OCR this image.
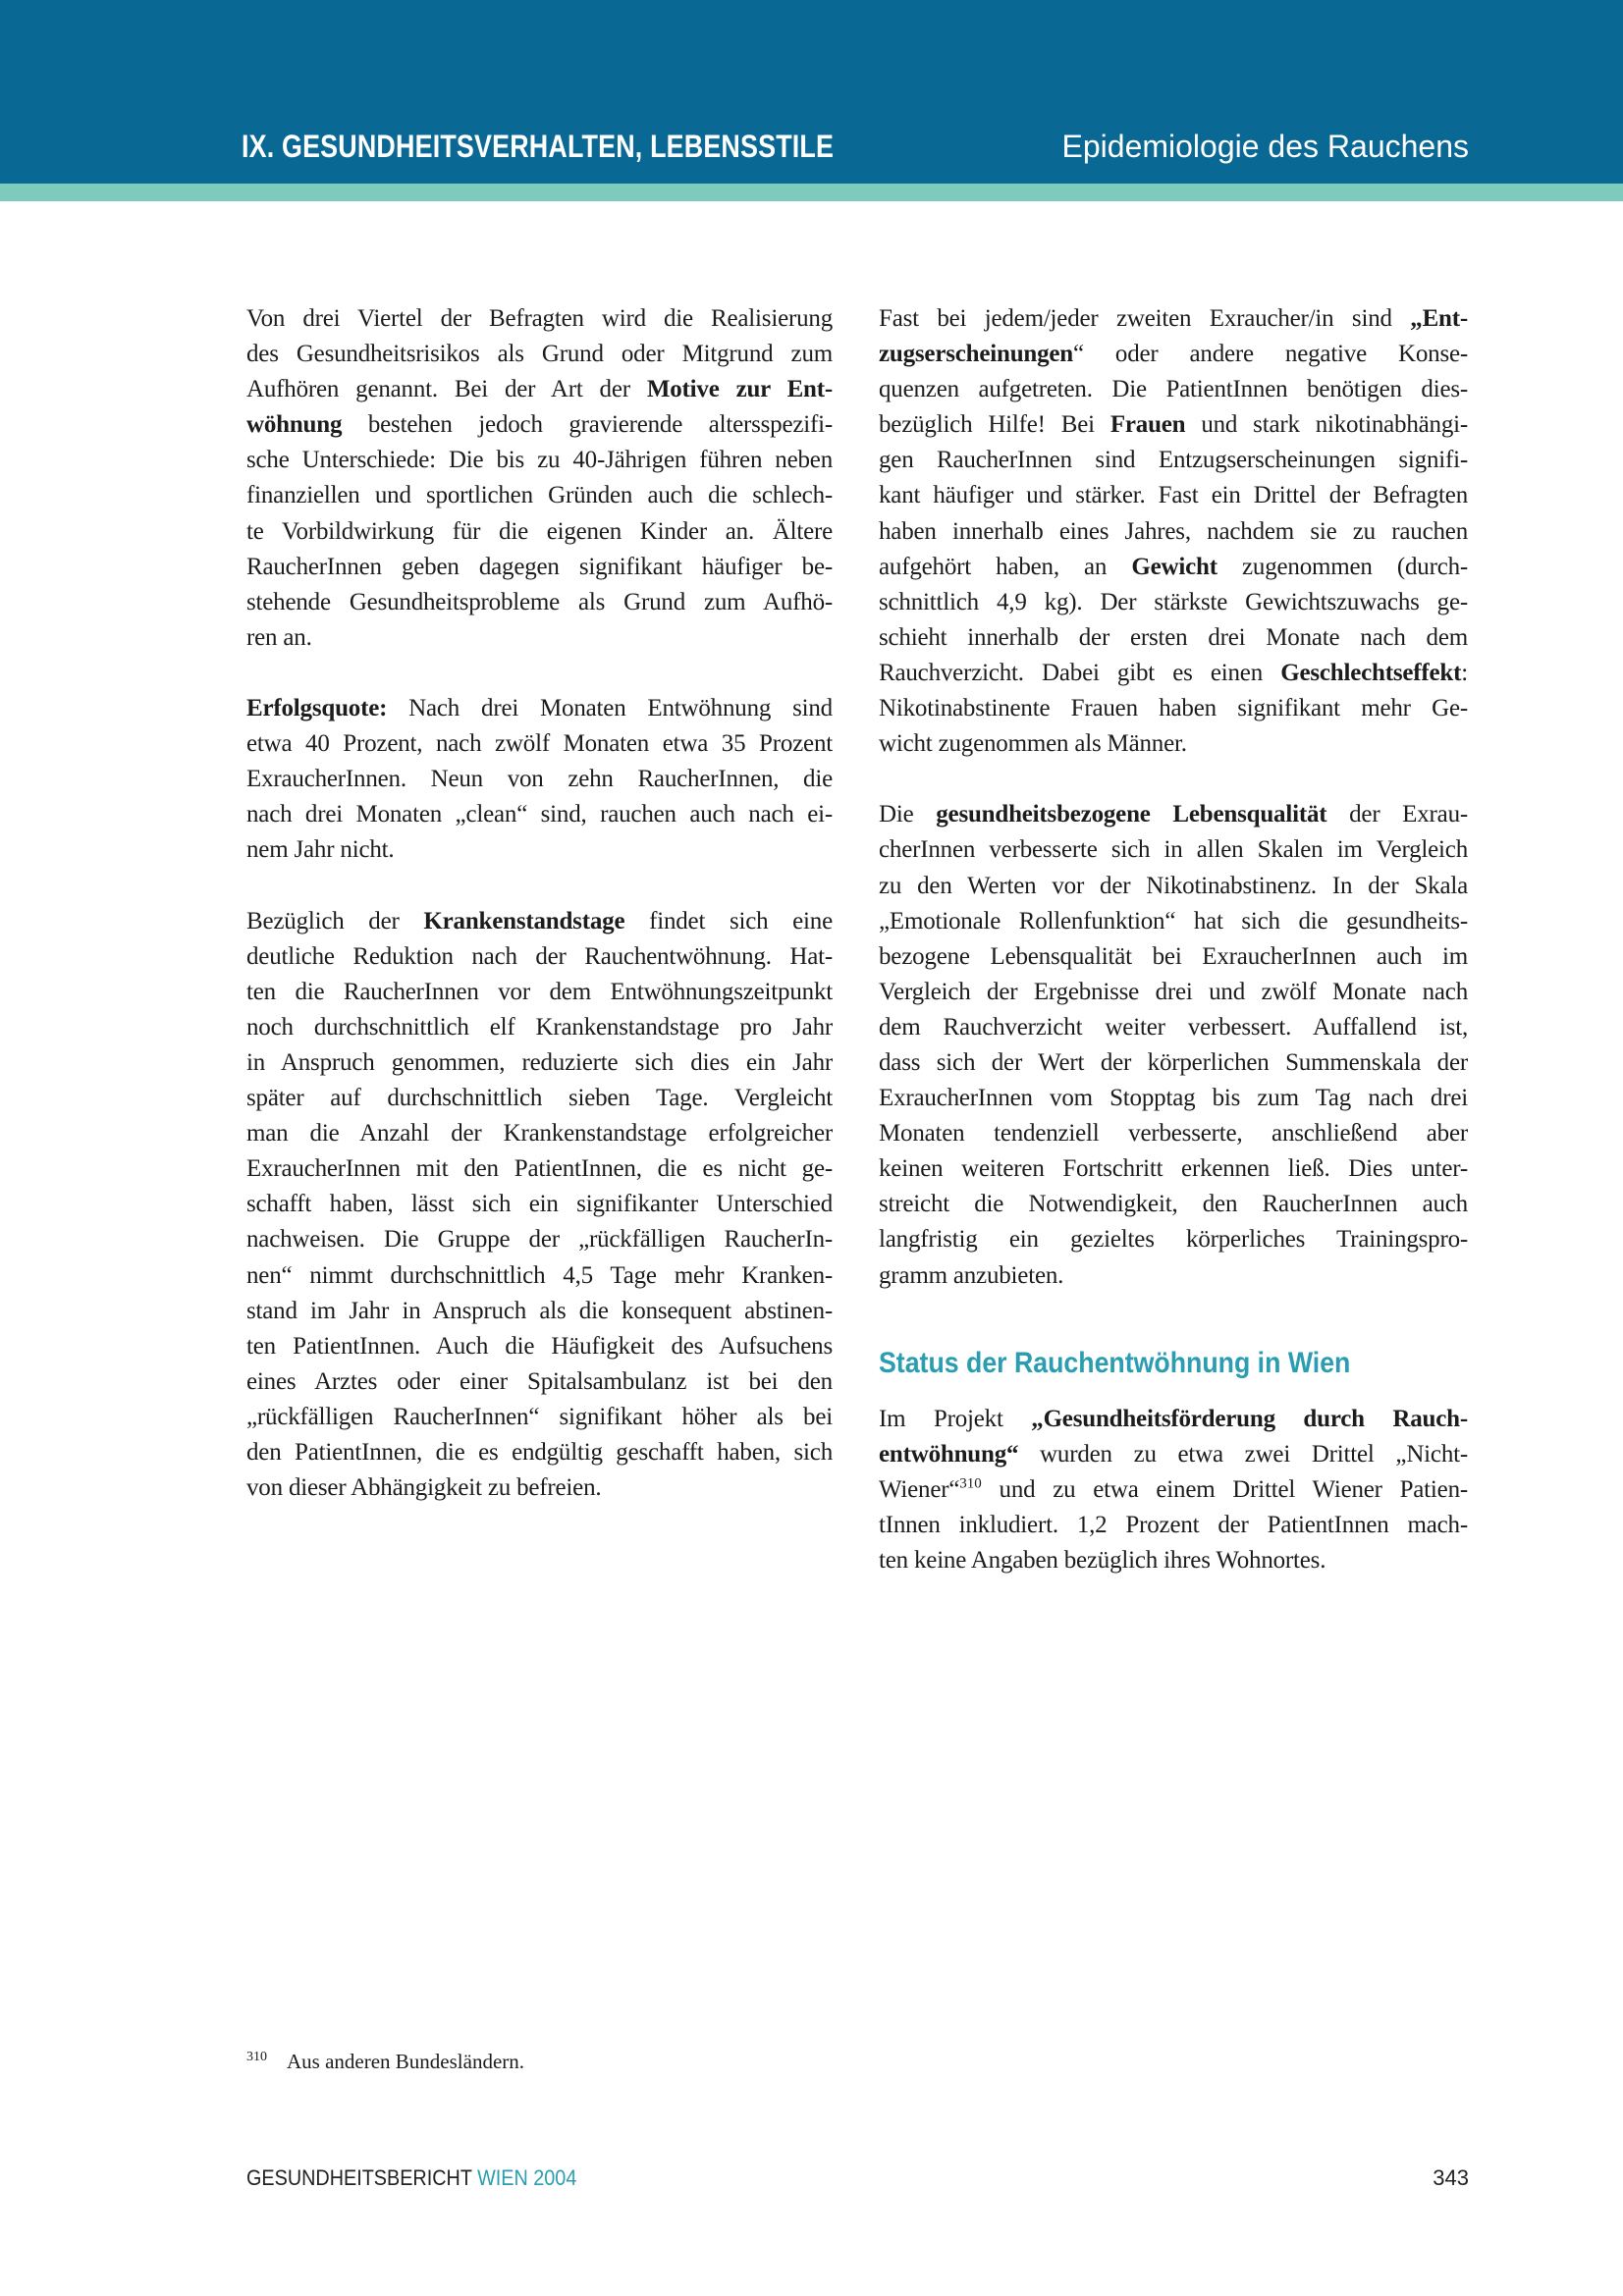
IX. GESUNDHEITSVERHALTEN, LEBENSSTILE	Epidemiologie des Rauchens
Von drei Viertel der Befragten wird die Realisierung
des Gesundheitsrisikos als Grund oder Mitgrund zum
Aufhören genannt. Bei der Art der Motive zur Ent-
wöhnung bestehen jedoch gravierende altersspezifi-
sche Unterschiede: Die bis zu 40-Jährigen führen neben
finanziellen und sportlichen Gründen auch die schlech-
te Vorbildwirkung für die eigenen Kinder an. Ältere
RaucherInnen geben dagegen signifikant häufiger be-
stehende Gesundheitsprobleme als Grund zum Aufhö-
ren an.
Erfolgsquote: Nach drei Monaten Entwöhnung sind
etwa 40 Prozent, nach zwölf Monaten etwa 35 Prozent
ExraucherInnen. Neun von zehn RaucherInnen, die
nach drei Monaten „clean“ sind, rauchen auch nach ei-
nem Jahr nicht.
Bezüglich der Krankenstandstage findet sich eine
deutliche Reduktion nach der Rauchentwöhnung. Hat-
ten die RaucherInnen vor dem Entwöhnungszeitpunkt
noch durchschnittlich elf Krankenstandstage pro Jahr
in Anspruch genommen, reduzierte sich dies ein Jahr
später auf durchschnittlich sieben Tage. Vergleicht
man die Anzahl der Krankenstandstage erfolgreicher
ExraucherInnen mit den PatientInnen, die es nicht ge-
schafft haben, lässt sich ein signifikanter Unterschied
nachweisen. Die Gruppe der „rückfälligen RaucherIn-
nen“ nimmt durchschnittlich 4,5 Tage mehr Kranken-
stand im Jahr in Anspruch als die konsequent abstinen-
ten PatientInnen. Auch die Häufigkeit des Aufsuchens
eines Arztes oder einer Spitalsambulanz ist bei den
„rückfälligen RaucherInnen“ signifikant höher als bei
den PatientInnen, die es endgültig geschafft haben, sich
von dieser Abhängigkeit zu befreien.
Fast bei jedem/jeder zweiten Exraucher/in sind „Ent-
zugserscheinungen“ oder andere negative Konse-
quenzen aufgetreten. Die PatientInnen benötigen dies-
bezüglich Hilfe! Bei Frauen und stark nikotinabhängi-
gen RaucherInnen sind Entzugserscheinungen signifi-
kant häufiger und stärker. Fast ein Drittel der Befragten
haben innerhalb eines Jahres, nachdem sie zu rauchen
aufgehört haben, an Gewicht zugenommen (durch-
schnittlich 4,9 kg). Der stärkste Gewichtszuwachs ge-
schieht innerhalb der ersten drei Monate nach dem
Rauchverzicht. Dabei gibt es einen Geschlechtseffekt:
Nikotinabstinente Frauen haben signifikant mehr Ge-
wicht zugenommen als Männer.
Die gesundheitsbezogene Lebensqualität der Exrau-
cherInnen verbesserte sich in allen Skalen im Vergleich
zu den Werten vor der Nikotinabstinenz. In der Skala
„Emotionale Rollenfunktion“ hat sich die gesundheits-
bezogene Lebensqualität bei ExraucherInnen auch im
Vergleich der Ergebnisse drei und zwölf Monate nach
dem Rauchverzicht weiter verbessert. Auffallend ist,
dass sich der Wert der körperlichen Summenskala der
ExraucherInnen vom Stopptag bis zum Tag nach drei
Monaten tendenziell verbesserte, anschließend aber
keinen weiteren Fortschritt erkennen ließ. Dies unter-
streicht die Notwendigkeit, den RaucherInnen auch
langfristig ein gezieltes körperliches Trainingspro-
gramm anzubieten.
Status der Rauchentwöhnung in Wien
Im Projekt „Gesundheitsförderung durch Rauch-
entwöhnung“ wurden zu etwa zwei Drittel „Nicht-
Wiener“$^{310}$ und zu etwa einem Drittel Wiener Patien-
tInnen inkludiert. 1,2 Prozent der PatientInnen mach-
ten keine Angaben bezüglich ihres Wohnortes.
$^{310}$ Aus anderen Bundesländern.
GESUNDHEITSBERICHT WIEN 2004	343
